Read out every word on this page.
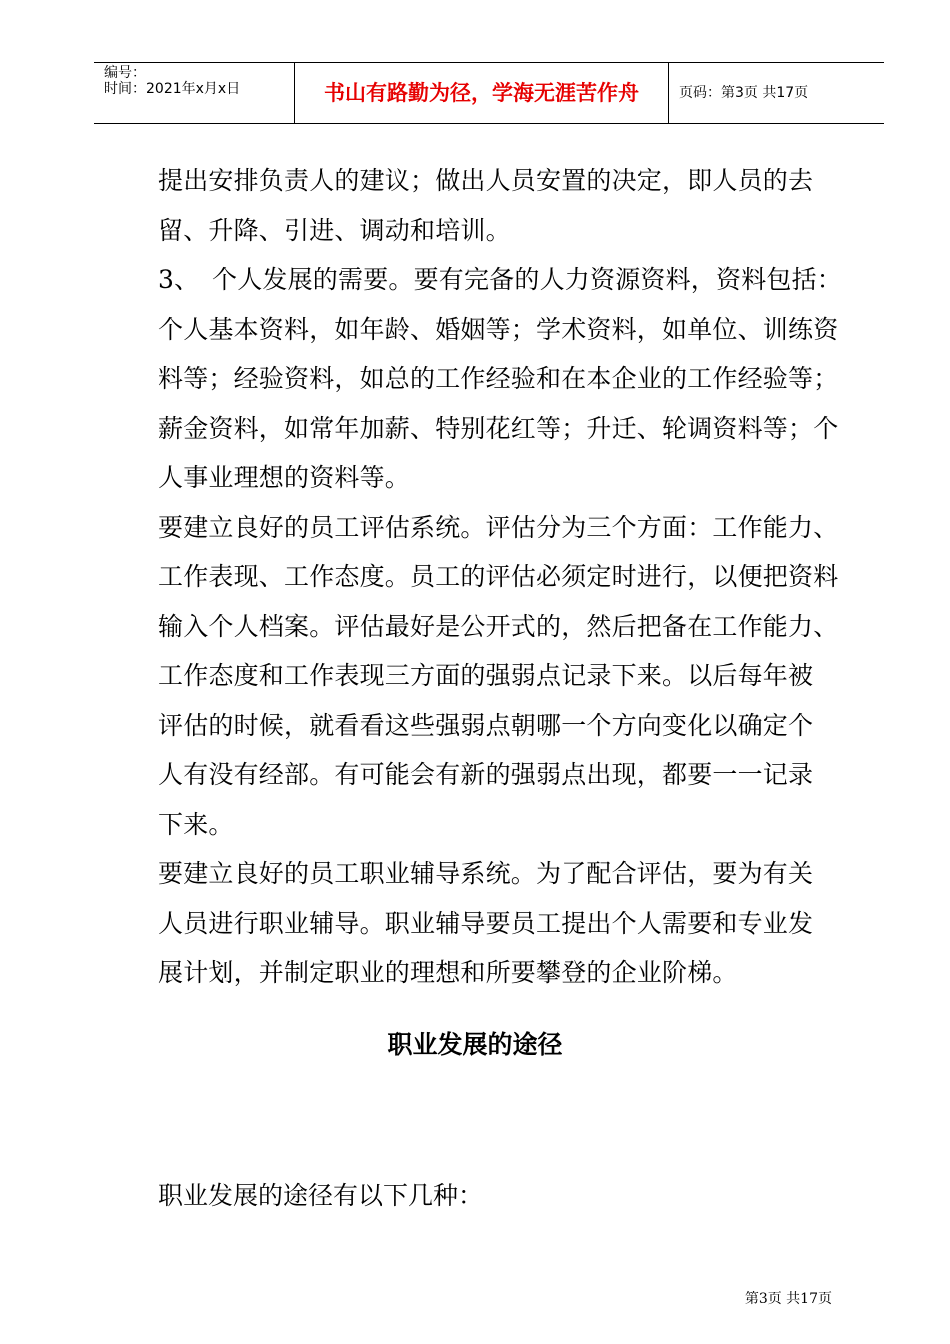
编号：
时间：2021年x月x日	书山有路勤为径，学海无涯苦作舟	页码：第3页 共17页
提出安排负责人的建议；做出人员安置的决定，即人员的去
留、升降、引进、调动和培训。
3、　个人发展的需要。要有完备的人力资源资料，资料包括：
个人基本资料，如年龄、婚姻等；学术资料，如单位、训练资
料等；经验资料，如总的工作经验和在本企业的工作经验等；
薪金资料，如常年加薪、特别花红等；升迁、轮调资料等；个
人事业理想的资料等。
要建立良好的员工评估系统。评估分为三个方面：工作能力、
工作表现、工作态度。员工的评估必须定时进行，以便把资料
输入个人档案。评估最好是公开式的，然后把备在工作能力、
工作态度和工作表现三方面的强弱点记录下来。以后每年被
评估的时候，就看看这些强弱点朝哪一个方向变化以确定个
人有没有经部。有可能会有新的强弱点出现，都要一一记录
下来。
要建立良好的员工职业辅导系统。为了配合评估，要为有关
人员进行职业辅导。职业辅导要员工提出个人需要和专业发
展计划，并制定职业的理想和所要攀登的企业阶梯。
职业发展的途径
职业发展的途径有以下几种：
第3页 共17页
